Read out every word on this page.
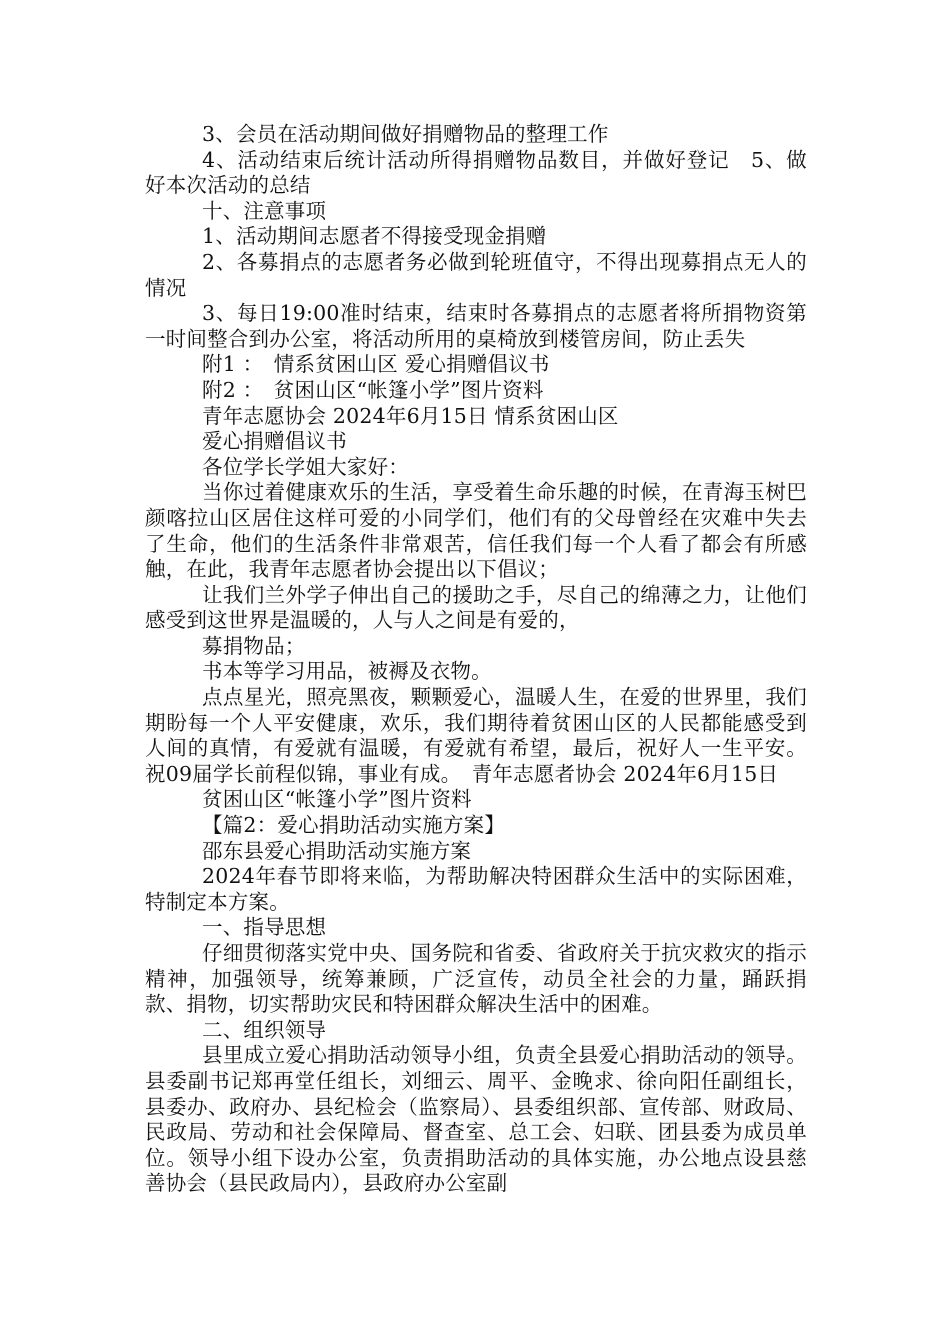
3、会员在活动期间做好捐赠物品的整理工作

4、活动结束后统计活动所得捐赠物品数目，并做好登记　5、做好本次活动的总结

十、注意事项

1、活动期间志愿者不得接受现金捐赠

2、各募捐点的志愿者务必做到轮班值守，不得出现募捐点无人的情况

3、每日19:00准时结束，结束时各募捐点的志愿者将所捐物资第一时间整合到办公室，将活动所用的桌椅放到楼管房间，防止丢失

附1 ：　情系贫困山区 爱心捐赠倡议书

附2 ：　贫困山区“帐篷小学”图片资料

青年志愿协会 2024年6月15日 情系贫困山区

爱心捐赠倡议书

各位学长学姐大家好：

当你过着健康欢乐的生活，享受着生命乐趣的时候，在青海玉树巴颜喀拉山区居住这样可爱的小同学们，他们有的父母曾经在灾难中失去了生命，他们的生活条件非常艰苦，信任我们每一个人看了都会有所感触，在此，我青年志愿者协会提出以下倡议；

让我们兰外学子伸出自己的援助之手，尽自己的绵薄之力，让他们感受到这世界是温暖的，人与人之间是有爱的，

募捐物品；

书本等学习用品，被褥及衣物。

点点星光，照亮黑夜，颗颗爱心，温暖人生，在爱的世界里，我们期盼每一个人平安健康，欢乐，我们期待着贫困山区的人民都能感受到人间的真情，有爱就有温暖，有爱就有希望，最后，祝好人一生平安。祝09届学长前程似锦，事业有成。　青年志愿者协会 2024年6月15日

贫困山区“帐篷小学”图片资料

【篇2：爱心捐助活动实施方案】

邵东县爱心捐助活动实施方案

2024年春节即将来临，为帮助解决特困群众生活中的实际困难，特制定本方案。

一、指导思想

仔细贯彻落实党中央、国务院和省委、省政府关于抗灾救灾的指示精神，加强领导，统筹兼顾，广泛宣传，动员全社会的力量，踊跃捐款、捐物，切实帮助灾民和特困群众解决生活中的困难。

二、组织领导

县里成立爱心捐助活动领导小组，负责全县爱心捐助活动的领导。县委副书记郑再堂任组长，刘细云、周平、金晚求、徐向阳任副组长，县委办、政府办、县纪检会（监察局）、县委组织部、宣传部、财政局、民政局、劳动和社会保障局、督查室、总工会、妇联、团县委为成员单位。领导小组下设办公室，负责捐助活动的具体实施，办公地点设县慈善协会（县民政局内），县政府办公室副
